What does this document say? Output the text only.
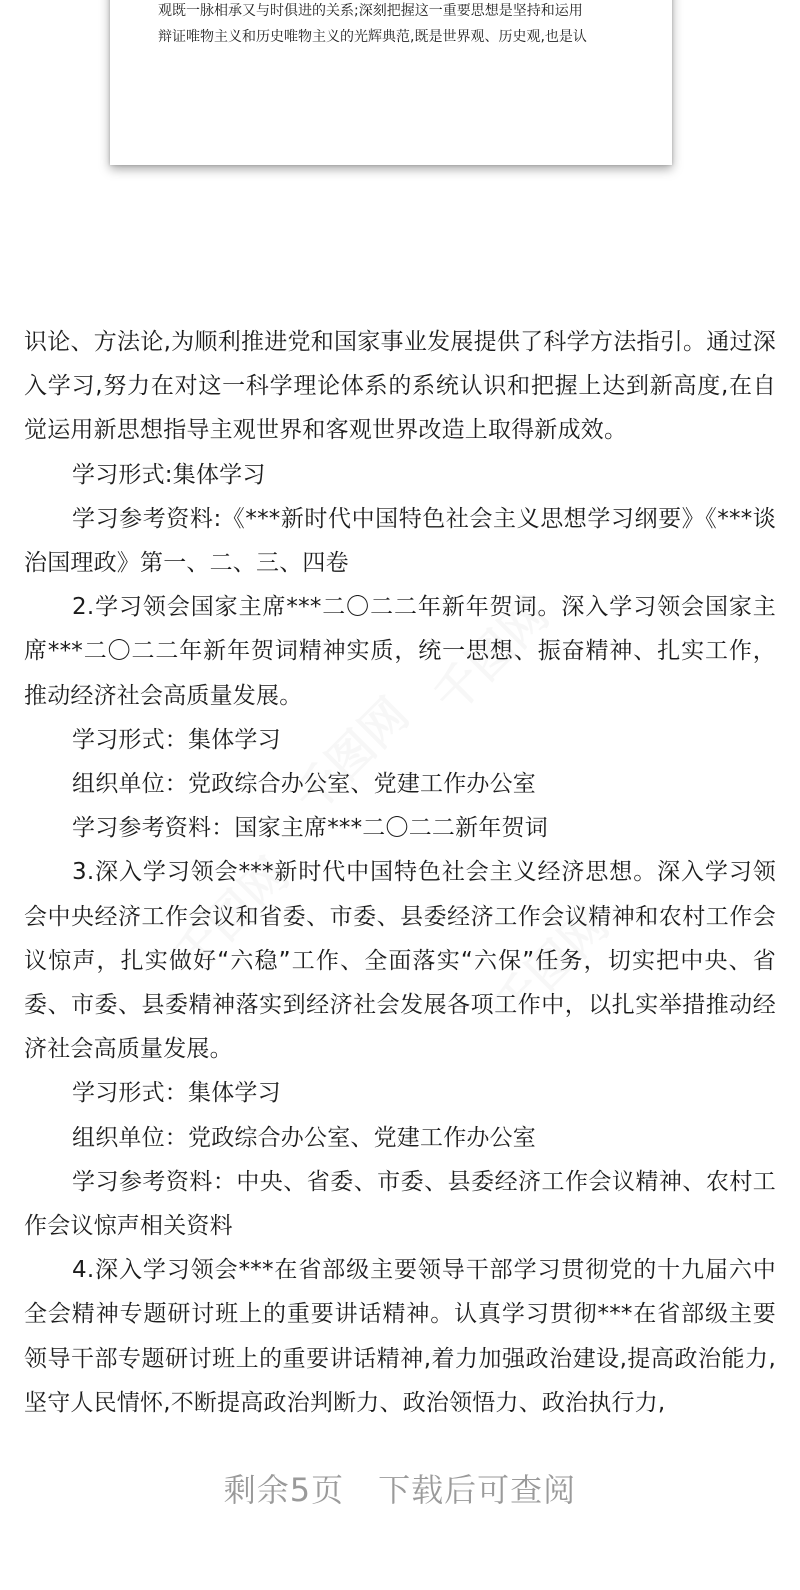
观既一脉相承又与时俱进的关系;深刻把握这一重要思想是坚持和运用
辩证唯物主义和历史唯物主义的光辉典范,既是世界观、历史观,也是认

识论、方法论,为顺利推进党和国家事业发展提供了科学方法指引。通过深入学习,努力在对这一科学理论体系的系统认识和把握上达到新高度,在自觉运用新思想指导主观世界和客观世界改造上取得新成效。

学习形式:集体学习

学习参考资料:《***新时代中国特色社会主义思想学习纲要》《***谈治国理政》第一、二、三、四卷

2.学习领会国家主席***二〇二二年新年贺词。深入学习领会国家主席***二〇二二年新年贺词精神实质，统一思想、振奋精神、扎实工作，推动经济社会高质量发展。

学习形式：集体学习

组织单位：党政综合办公室、党建工作办公室

学习参考资料：国家主席***二〇二二新年贺词

3.深入学习领会***新时代中国特色社会主义经济思想。深入学习领会中央经济工作会议和省委、市委、县委经济工作会议精神和农村工作会议惊声，扎实做好“六稳”工作、全面落实“六保”任务，切实把中央、省委、市委、县委精神落实到经济社会发展各项工作中，以扎实举措推动经济社会高质量发展。

学习形式：集体学习

组织单位：党政综合办公室、党建工作办公室

学习参考资料：中央、省委、市委、县委经济工作会议精神、农村工作会议惊声相关资料

4.深入学习领会***在省部级主要领导干部学习贯彻党的十九届六中全会精神专题研讨班上的重要讲话精神。认真学习贯彻***在省部级主要领导干部专题研讨班上的重要讲话精神,着力加强政治建设,提高政治能力,坚守人民情怀,不断提高政治判断力、政治领悟力、政治执行力,

剩余5页 下载后可查阅
